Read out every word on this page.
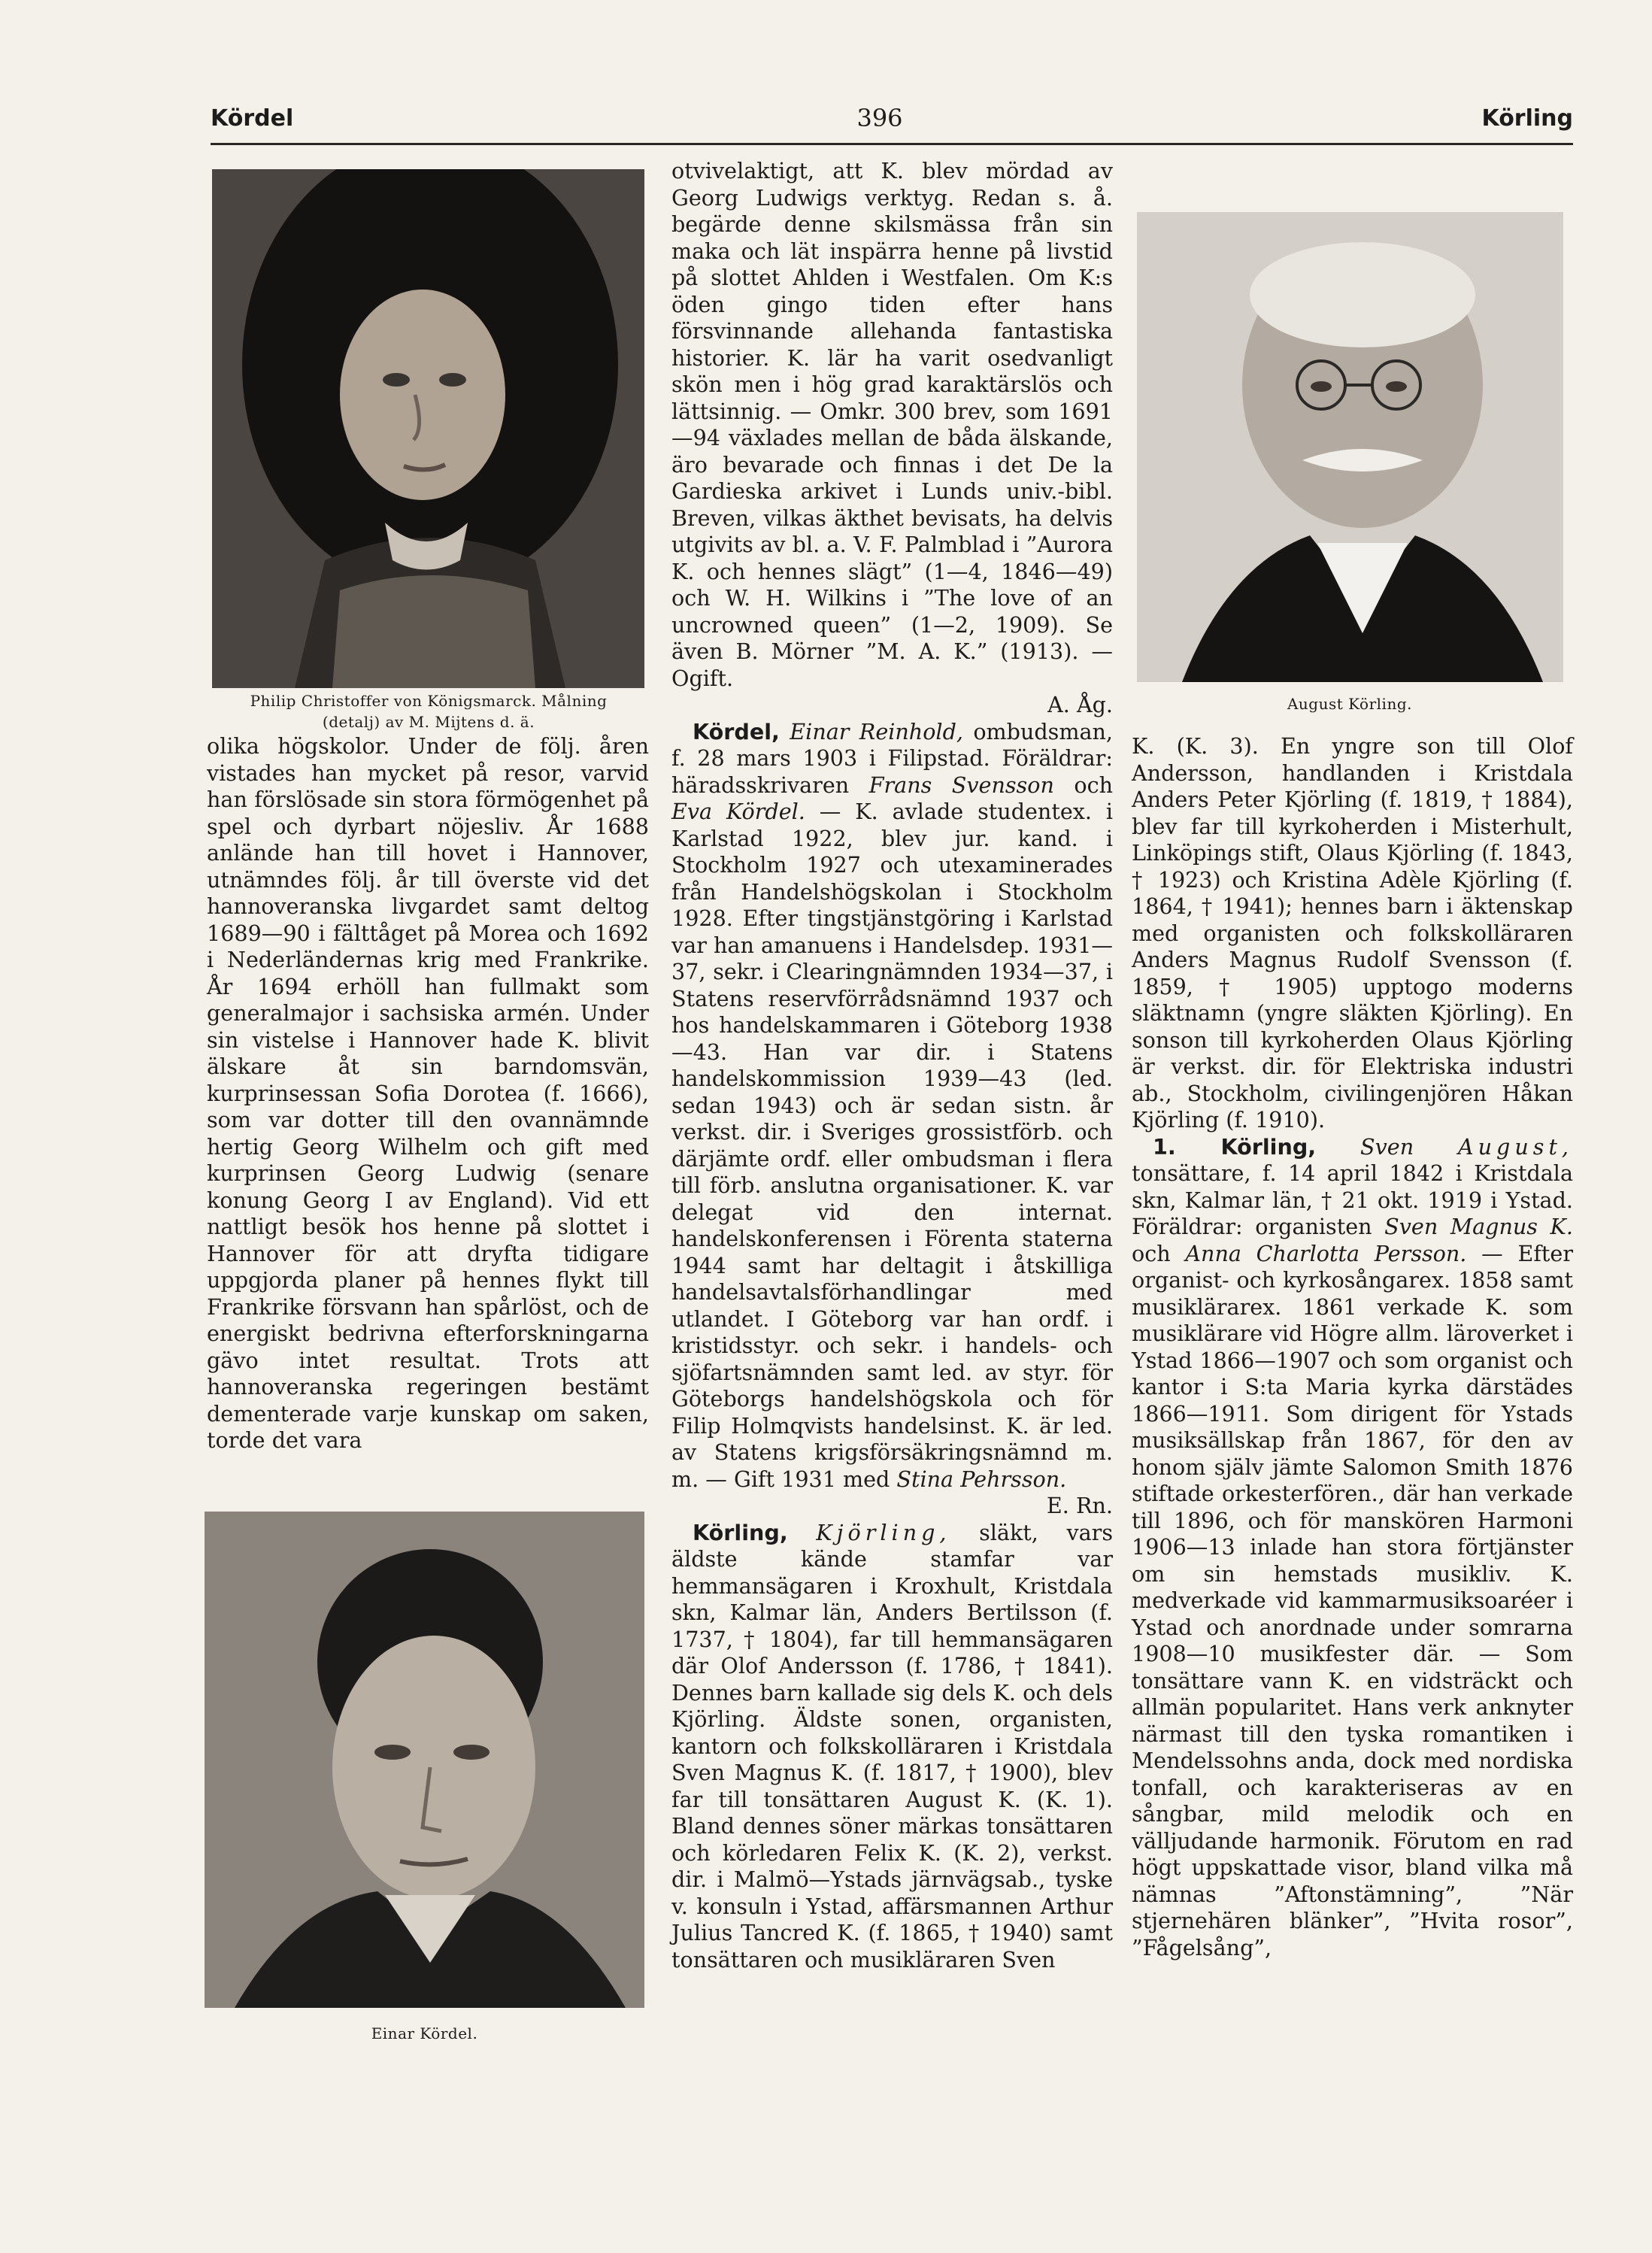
Kördel	396	Körling
Philip Christoffer von Königsmarck. Målning
(detalj) av M. Mijtens d. ä.

olika högskolor. Under de följ. åren vistades han mycket på resor, varvid han förslösade sin stora förmögenhet på spel och dyrbart nöjesliv. År 1688 anlände han till hovet i Hannover, utnämndes följ. år till överste vid det hannoveranska livgardet samt deltog 1689—90 i fälttåget på Morea och 1692 i Nederländernas krig med Frankrike. År 1694 erhöll han fullmakt som generalmajor i sachsiska armén. Under sin vistelse i Hannover hade K. blivit älskare åt sin barndomsvän, kurprinsessan Sofia Dorotea (f. 1666), som var dotter till den ovannämnde hertig Georg Wilhelm och gift med kurprinsen Georg Ludwig (senare konung Georg I av England). Vid ett nattligt besök hos henne på slottet i Hannover för att dryfta tidigare uppgjorda planer på hennes flykt till Frankrike försvann han spårlöst, och de energiskt bedrivna efterforskningarna gävo intet resultat. Trots att hannoveranska regeringen bestämt dementerade varje kunskap om saken, torde det vara

Einar Kördel.

otvivelaktigt, att K. blev mördad av Georg Ludwigs verktyg. Redan s. å. begärde denne skilsmässa från sin maka och lät inspärra henne på livstid på slottet Ahlden i Westfalen. Om K:s öden gingo tiden efter hans försvinnande allehanda fantastiska historier. K. lär ha varit osedvanligt skön men i hög grad karaktärslös och lättsinnig. — Omkr. 300 brev, som 1691—94 växlades mellan de båda älskande, äro bevarade och finnas i det De la Gardieska arkivet i Lunds univ.-bibl. Breven, vilkas äkthet bevisats, ha delvis utgivits av bl. a. V. F. Palmblad i ”Aurora K. och hennes slägt” (1—4, 1846—49) och W. H. Wilkins i ”The love of an uncrowned queen” (1—2, 1909). Se även B. Mörner ”M. A. K.” (1913). — Ogift.

A. Åg.

Kördel, Einar Reinhold, ombudsman, f. 28 mars 1903 i Filipstad. Föräldrar: häradsskrivaren Frans Svensson och Eva Kördel. — K. avlade studentex. i Karlstad 1922, blev jur. kand. i Stockholm 1927 och utexaminerades från Handelshögskolan i Stockholm 1928. Efter tingstjänstgöring i Karlstad var han amanuens i Handelsdep. 1931—37, sekr. i Clearingnämnden 1934—37, i Statens reservförrådsnämnd 1937 och hos handelskammaren i Göteborg 1938—43. Han var dir. i Statens handelskommission 1939—43 (led. sedan 1943) och är sedan sistn. år verkst. dir. i Sveriges grossistförb. och därjämte ordf. eller ombudsman i flera till förb. anslutna organisationer. K. var delegat vid den internat. handelskonferensen i Förenta staterna 1944 samt har deltagit i åtskilliga handelsavtalsförhandlingar med utlandet. I Göteborg var han ordf. i kristidsstyr. och sekr. i handels- och sjöfartsnämnden samt led. av styr. för Göteborgs handelshögskola och för Filip Holmqvists handelsinst. K. är led. av Statens krigsförsäkringsnämnd m. m. — Gift 1931 med Stina Pehrsson.

E. Rn.

Körling, Kjörling, släkt, vars äldste kände stamfar var hemmansägaren i Kroxhult, Kristdala skn, Kalmar län, Anders Bertilsson (f. 1737, † 1804), far till hemmansägaren där Olof Andersson (f. 1786, † 1841). Dennes barn kallade sig dels K. och dels Kjörling. Äldste sonen, organisten, kantorn och folkskolläraren i Kristdala Sven Magnus K. (f. 1817, † 1900), blev far till tonsättaren August K. (K. 1). Bland dennes söner märkas tonsättaren och körledaren Felix K. (K. 2), verkst. dir. i Malmö—Ystads järnvägsab., tyske v. konsuln i Ystad, affärsmannen Arthur Julius Tancred K. (f. 1865, † 1940) samt tonsättaren och musikläraren Sven

August Körling.

K. (K. 3). En yngre son till Olof Andersson, handlanden i Kristdala Anders Peter Kjörling (f. 1819, † 1884), blev far till kyrkoherden i Misterhult, Linköpings stift, Olaus Kjörling (f. 1843, † 1923) och Kristina Adèle Kjörling (f. 1864, † 1941); hennes barn i äktenskap med organisten och folkskolläraren Anders Magnus Rudolf Svensson (f. 1859, † 1905) upptogo moderns släktnamn (yngre släkten Kjörling). En sonson till kyrkoherden Olaus Kjörling är verkst. dir. för Elektriska industri ab., Stockholm, civilingenjören Håkan Kjörling (f. 1910).

1. Körling, Sven August, tonsättare, f. 14 april 1842 i Kristdala skn, Kalmar län, † 21 okt. 1919 i Ystad. Föräldrar: organisten Sven Magnus K. och Anna Charlotta Persson. — Efter organist- och kyrkosångarex. 1858 samt musiklärarex. 1861 verkade K. som musiklärare vid Högre allm. läroverket i Ystad 1866—1907 och som organist och kantor i S:ta Maria kyrka därstädes 1866—1911. Som dirigent för Ystads musiksällskap från 1867, för den av honom själv jämte Salomon Smith 1876 stiftade orkesterfören., där han verkade till 1896, och för manskören Harmoni 1906—13 inlade han stora förtjänster om sin hemstads musikliv. K. medverkade vid kammarmusiksoaréer i Ystad och anordnade under somrarna 1908—10 musikfester där. — Som tonsättare vann K. en vidsträckt och allmän popularitet. Hans verk anknyter närmast till den tyska romantiken i Mendelssohns anda, dock med nordiska tonfall, och karakteriseras av en sångbar, mild melodik och en välljudande harmonik. Förutom en rad högt uppskattade visor, bland vilka må nämnas ”Aftonstämning”, ”När stjernehären blänker”, ”Hvita rosor”, ”Fågelsång”,
